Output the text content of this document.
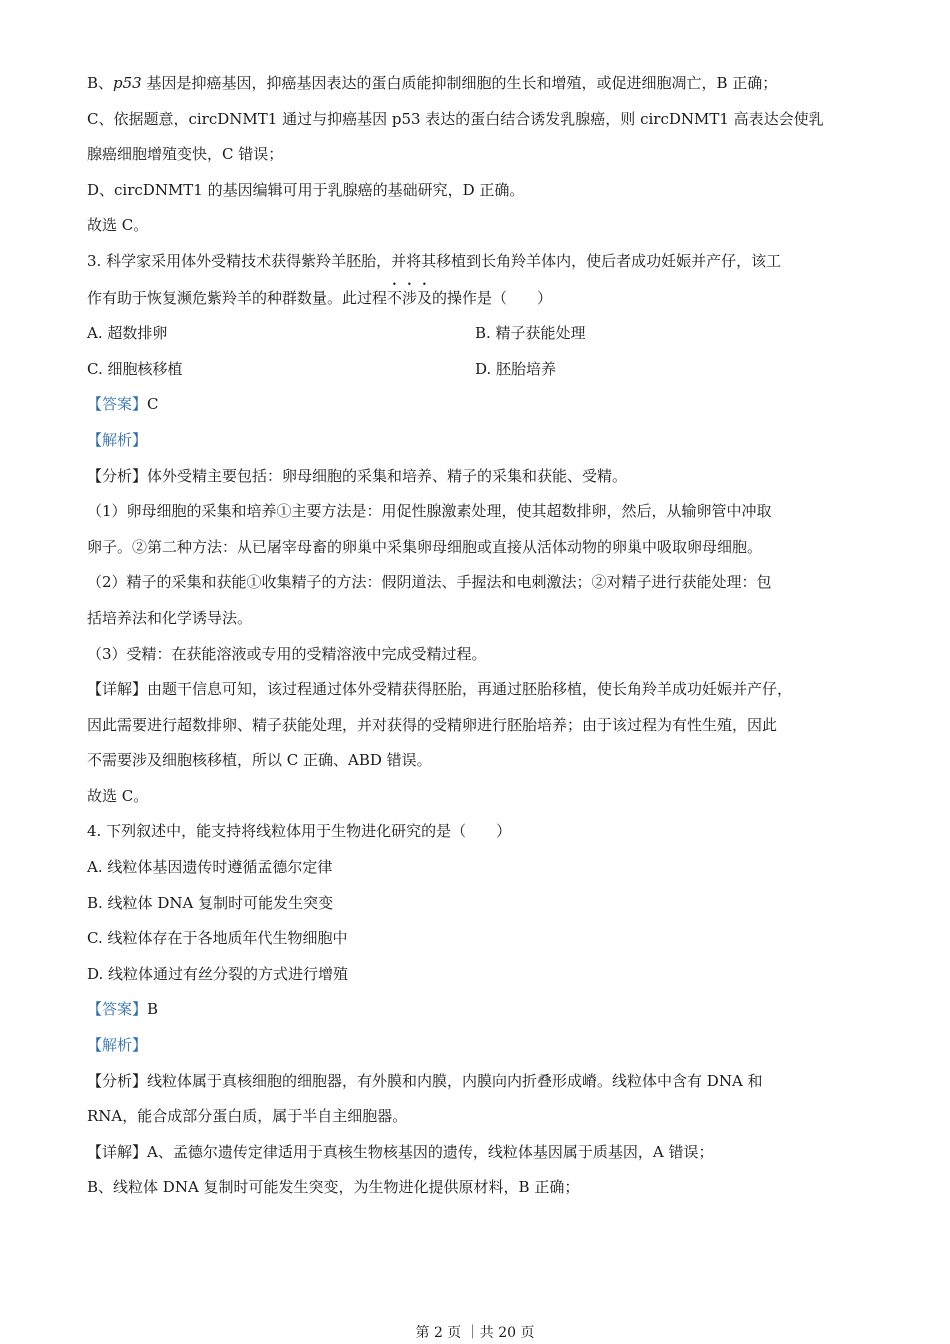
B、p53 基因是抑癌基因，抑癌基因表达的蛋白质能抑制细胞的生长和增殖，或促进细胞凋亡，B 正确；
C、依据题意，circDNMT1 通过与抑癌基因 p53 表达的蛋白结合诱发乳腺癌，则 circDNMT1 高表达会使乳
腺癌细胞增殖变快，C 错误；
D、circDNMT1 的基因编辑可用于乳腺癌的基础研究，D 正确。
故选 C。
3. 科学家采用体外受精技术获得紫羚羊胚胎，并将其移植到长角羚羊体内，使后者成功妊娠并产仔，该工
作有助于恢复濒危紫羚羊的种群数量。此过程不涉及的操作是（　　）
A. 超数排卵	B. 精子获能处理
C. 细胞核移植	D. 胚胎培养
【答案】C
【解析】
【分析】体外受精主要包括：卵母细胞的采集和培养、精子的采集和获能、受精。
（1）卵母细胞的采集和培养①主要方法是：用促性腺激素处理，使其超数排卵，然后，从输卵管中冲取
卵子。②第二种方法：从已屠宰母畜的卵巢中采集卵母细胞或直接从活体动物的卵巢中吸取卵母细胞。
（2）精子的采集和获能①收集精子的方法：假阴道法、手握法和电刺激法；②对精子进行获能处理：包
括培养法和化学诱导法。
（3）受精：在获能溶液或专用的受精溶液中完成受精过程。
【详解】由题干信息可知，该过程通过体外受精获得胚胎，再通过胚胎移植，使长角羚羊成功妊娠并产仔，
因此需要进行超数排卵、精子获能处理，并对获得的受精卵进行胚胎培养；由于该过程为有性生殖，因此
不需要涉及细胞核移植，所以 C 正确、ABD 错误。
故选 C。
4. 下列叙述中，能支持将线粒体用于生物进化研究的是（　　）
A. 线粒体基因遗传时遵循孟德尔定律
B. 线粒体 DNA 复制时可能发生突变
C. 线粒体存在于各地质年代生物细胞中
D. 线粒体通过有丝分裂的方式进行增殖
【答案】B
【解析】
【分析】线粒体属于真核细胞的细胞器，有外膜和内膜，内膜向内折叠形成嵴。线粒体中含有 DNA 和
RNA，能合成部分蛋白质，属于半自主细胞器。
【详解】A、孟德尔遗传定律适用于真核生物核基因的遗传，线粒体基因属于质基因，A 错误；
B、线粒体 DNA 复制时可能发生突变，为生物进化提供原材料，B 正确；
第 2 页 ｜共 20 页
